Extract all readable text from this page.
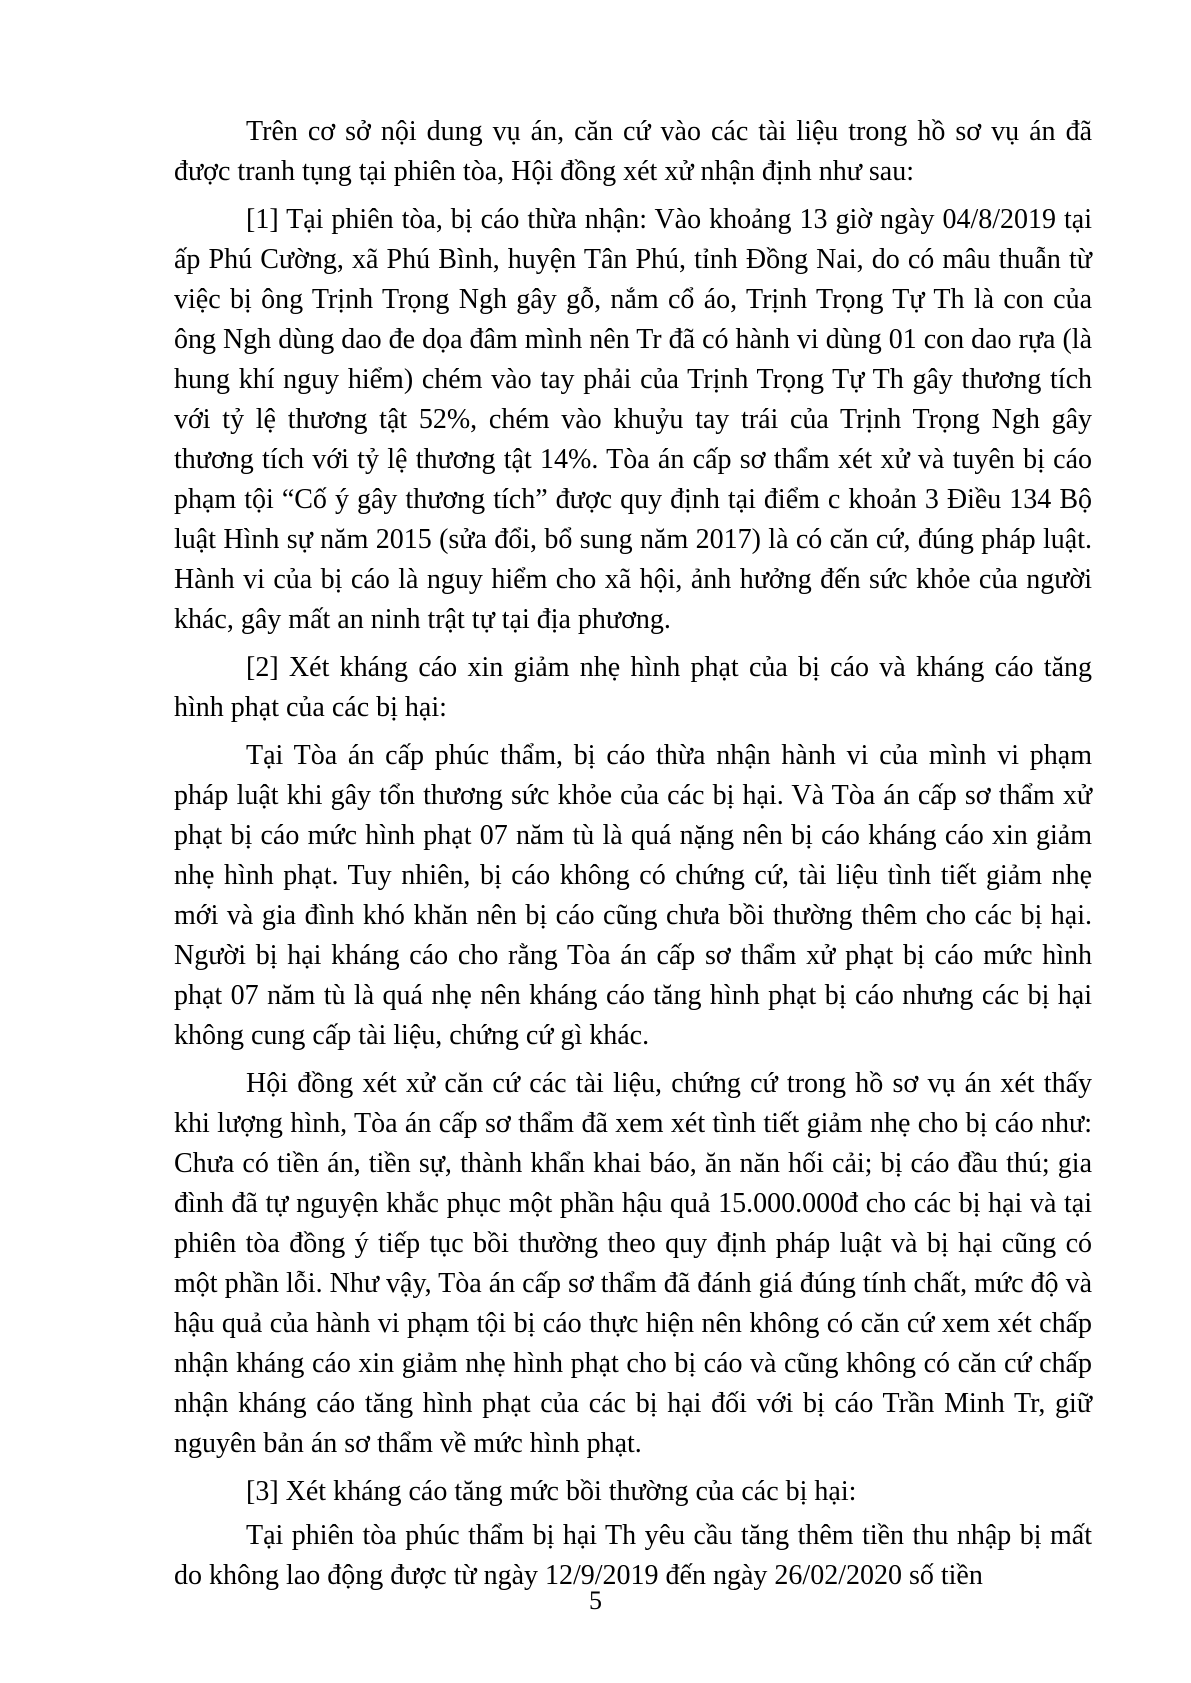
Trên cơ sở nội dung vụ án, căn cứ vào các tài liệu trong hồ sơ vụ án đã được tranh tụng tại phiên tòa, Hội đồng xét xử nhận định như sau:

[1] Tại phiên tòa, bị cáo thừa nhận: Vào khoảng 13 giờ ngày 04/8/2019 tại ấp Phú Cường, xã Phú Bình, huyện Tân Phú, tỉnh Đồng Nai, do có mâu thuẫn từ việc bị ông Trịnh Trọng Ngh gây gỗ, nắm cổ áo, Trịnh Trọng Tự Th là con của ông Ngh dùng dao đe dọa đâm mình nên Tr đã có hành vi dùng 01 con dao rựa (là hung khí nguy hiểm) chém vào tay phải của Trịnh Trọng Tự Th gây thương tích với tỷ lệ thương tật 52%, chém vào khuỷu tay trái của Trịnh Trọng Ngh gây thương tích với tỷ lệ thương tật 14%. Tòa án cấp sơ thẩm xét xử và tuyên bị cáo phạm tội “Cố ý gây thương tích” được quy định tại điểm c khoản 3 Điều 134 Bộ luật Hình sự năm 2015 (sửa đổi, bổ sung năm 2017) là có căn cứ, đúng pháp luật. Hành vi của bị cáo là nguy hiểm cho xã hội, ảnh hưởng đến sức khỏe của người khác, gây mất an ninh trật tự tại địa phương.

[2] Xét kháng cáo xin giảm nhẹ hình phạt của bị cáo và kháng cáo tăng hình phạt của các bị hại:

Tại Tòa án cấp phúc thẩm, bị cáo thừa nhận hành vi của mình vi phạm pháp luật khi gây tổn thương sức khỏe của các bị hại. Và Tòa án cấp sơ thẩm xử phạt bị cáo mức hình phạt 07 năm tù là quá nặng nên bị cáo kháng cáo xin giảm nhẹ hình phạt. Tuy nhiên, bị cáo không có chứng cứ, tài liệu tình tiết giảm nhẹ mới và gia đình khó khăn nên bị cáo cũng chưa bồi thường thêm cho các bị hại. Người bị hại kháng cáo cho rằng Tòa án cấp sơ thẩm xử phạt bị cáo mức hình phạt 07 năm tù là quá nhẹ nên kháng cáo tăng hình phạt bị cáo nhưng các bị hại không cung cấp tài liệu, chứng cứ gì khác.

Hội đồng xét xử căn cứ các tài liệu, chứng cứ trong hồ sơ vụ án xét thấy khi lượng hình, Tòa án cấp sơ thẩm đã xem xét tình tiết giảm nhẹ cho bị cáo như: Chưa có tiền án, tiền sự, thành khẩn khai báo, ăn năn hối cải; bị cáo đầu thú; gia đình đã tự nguyện khắc phục một phần hậu quả 15.000.000đ cho các bị hại và tại phiên tòa đồng ý tiếp tục bồi thường theo quy định pháp luật và bị hại cũng có một phần lỗi. Như vậy, Tòa án cấp sơ thẩm đã đánh giá đúng tính chất, mức độ và hậu quả của hành vi phạm tội bị cáo thực hiện nên không có căn cứ xem xét chấp nhận kháng cáo xin giảm nhẹ hình phạt cho bị cáo và cũng không có căn cứ chấp nhận kháng cáo tăng hình phạt của các bị hại đối với bị cáo Trần Minh Tr, giữ nguyên bản án sơ thẩm về mức hình phạt.

[3] Xét kháng cáo tăng mức bồi thường của các bị hại:

Tại phiên tòa phúc thẩm bị hại Th yêu cầu tăng thêm tiền thu nhập bị mất do không lao động được từ ngày 12/9/2019 đến ngày 26/02/2020 số tiền

5
